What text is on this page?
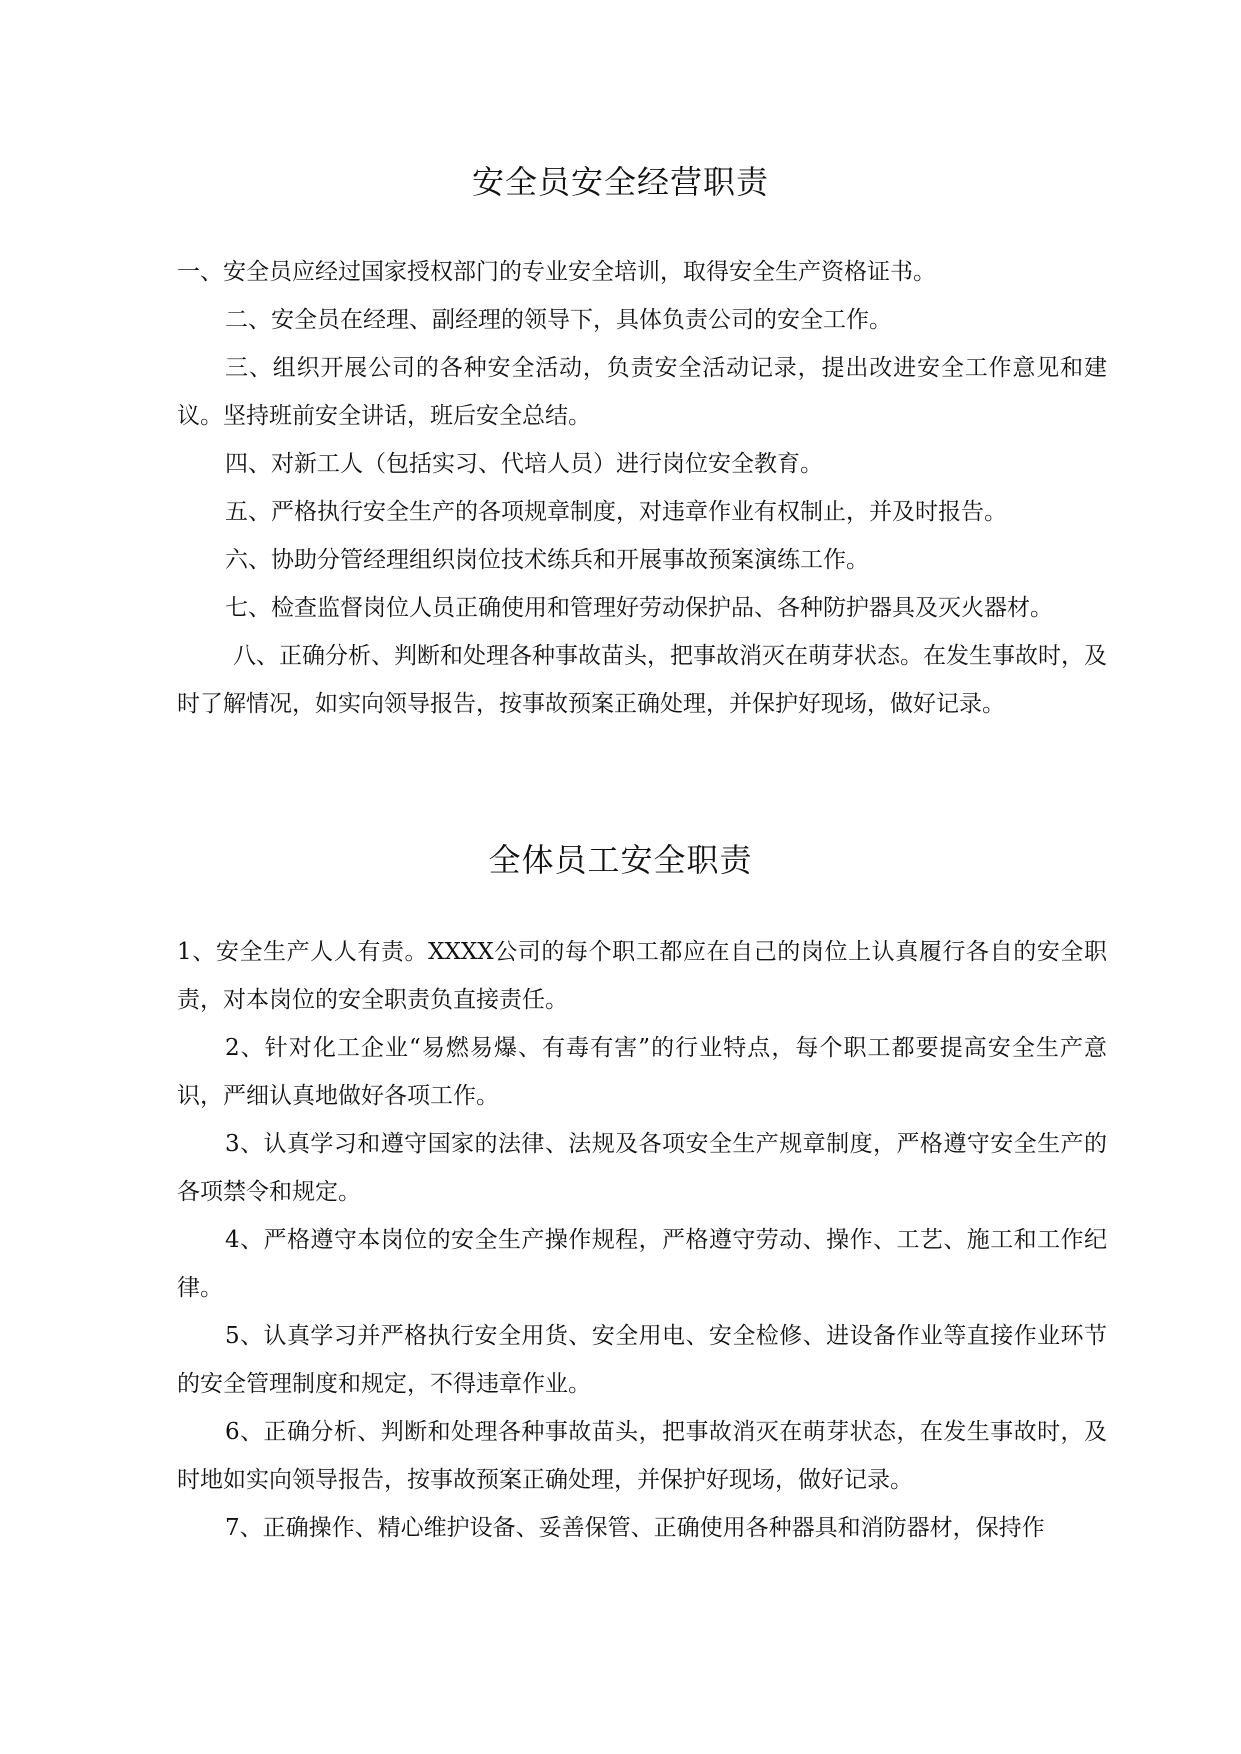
安全员安全经营职责

一、安全员应经过国家授权部门的专业安全培训，取得安全生产资格证书。

二、安全员在经理、副经理的领导下，具体负责公司的安全工作。

三、组织开展公司的各种安全活动，负责安全活动记录，提出改进安全工作意见和建议。坚持班前安全讲话，班后安全总结。

四、对新工人（包括实习、代培人员）进行岗位安全教育。

五、严格执行安全生产的各项规章制度，对违章作业有权制止，并及时报告。

六、协助分管经理组织岗位技术练兵和开展事故预案演练工作。

七、检查监督岗位人员正确使用和管理好劳动保护品、各种防护器具及灭火器材。

八、正确分析、判断和处理各种事故苗头，把事故消灭在萌芽状态。在发生事故时，及时了解情况，如实向领导报告，按事故预案正确处理，并保护好现场，做好记录。

全体员工安全职责

1、安全生产人人有责。XXXX公司的每个职工都应在自己的岗位上认真履行各自的安全职责，对本岗位的安全职责负直接责任。

2、针对化工企业“易燃易爆、有毒有害”的行业特点，每个职工都要提高安全生产意识，严细认真地做好各项工作。

3、认真学习和遵守国家的法律、法规及各项安全生产规章制度，严格遵守安全生产的各项禁令和规定。

4、严格遵守本岗位的安全生产操作规程，严格遵守劳动、操作、工艺、施工和工作纪律。

5、认真学习并严格执行安全用货、安全用电、安全检修、进设备作业等直接作业环节的安全管理制度和规定，不得违章作业。

6、正确分析、判断和处理各种事故苗头，把事故消灭在萌芽状态，在发生事故时，及时地如实向领导报告，按事故预案正确处理，并保护好现场，做好记录。

7、正确操作、精心维护设备、妥善保管、正确使用各种器具和消防器材，保持作
